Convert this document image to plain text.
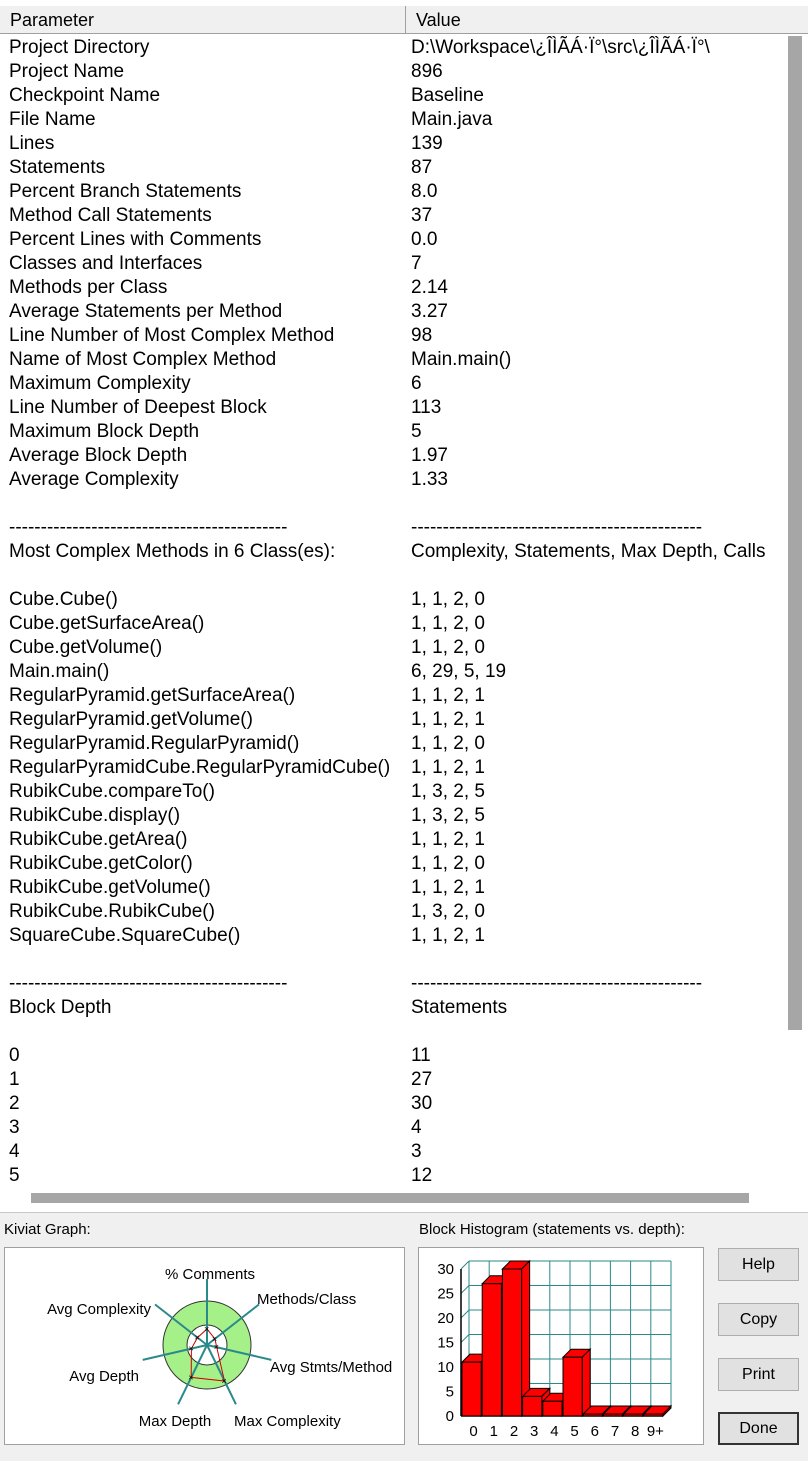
Parameter	Value
Project Directory	D:\Workspace\¿ÎÌÃÁ·Ï°\src\¿ÎÌÃÁ·Ï°\
Project Name	896
Checkpoint Name	Baseline
File Name	Main.java
Lines	139
Statements	87
Percent Branch Statements	8.0
Method Call Statements	37
Percent Lines with Comments	0.0
Classes and Interfaces	7
Methods per Class	2.14
Average Statements per Method	3.27
Line Number of Most Complex Method	98
Name of Most Complex Method	Main.main()
Maximum Complexity	6
Line Number of Deepest Block	113
Maximum Block Depth	5
Average Block Depth	1.97
Average Complexity	1.33
--------------------------------------------	----------------------------------------------
Most Complex Methods in 6 Class(es):	Complexity, Statements, Max Depth, Calls
Cube.Cube()	1, 1, 2, 0
Cube.getSurfaceArea()	1, 1, 2, 0
Cube.getVolume()	1, 1, 2, 0
Main.main()	6, 29, 5, 19
RegularPyramid.getSurfaceArea()	1, 1, 2, 1
RegularPyramid.getVolume()	1, 1, 2, 1
RegularPyramid.RegularPyramid()	1, 1, 2, 0
RegularPyramidCube.RegularPyramidCube() 1, 1, 2, 1
RubikCube.compareTo()	1, 3, 2, 5
RubikCube.display()	1, 3, 2, 5
RubikCube.getArea()	1, 1, 2, 1
RubikCube.getColor()	1, 1, 2, 0
RubikCube.getVolume()	1, 1, 2, 1
RubikCube.RubikCube()	1, 3, 2, 0
SquareCube.SquareCube()	1, 1, 2, 1
--------------------------------------------	----------------------------------------------
Block Depth	Statements
0	11
1	27
2	30
3	4
4	3
5	12
Kiviat Graph:	Block Histogram (statements vs. depth):
% Comments
Methods/Class
Avg Stmts/Method
Max Complexity
Max Depth
Avg Depth
Avg Complexity
×
×
×
×
×
×
×
0
5
10
15
20
25
30
0 1 2 3 4 5 6 7 8 9+
Help
Copy
Print
Done
